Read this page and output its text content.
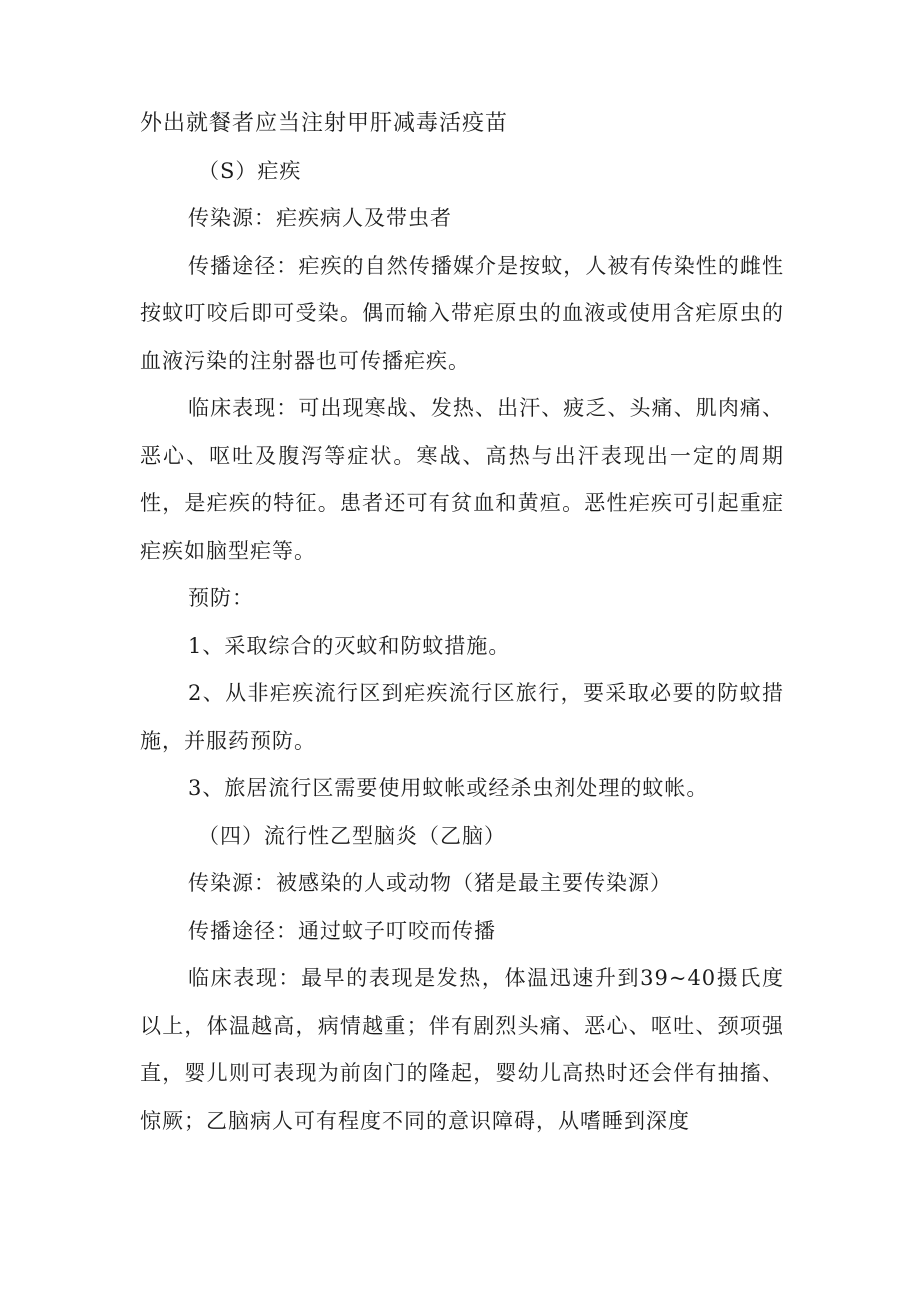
外出就餐者应当注射甲肝减毒活疫苗

（S）疟疾

传染源：疟疾病人及带虫者

传播途径：疟疾的自然传播媒介是按蚊，人被有传染性的雌性按蚊叮咬后即可受染。偶而输入带疟原虫的血液或使用含疟原虫的血液污染的注射器也可传播疟疾。

临床表现：可出现寒战、发热、出汗、疲乏、头痛、肌肉痛、恶心、呕吐及腹泻等症状。寒战、高热与出汗表现出一定的周期性，是疟疾的特征。患者还可有贫血和黄疸。恶性疟疾可引起重症疟疾如脑型疟等。

预防：

1、采取综合的灭蚊和防蚊措施。

2、从非疟疾流行区到疟疾流行区旅行，要采取必要的防蚊措施，并服药预防。

3、旅居流行区需要使用蚊帐或经杀虫剂处理的蚊帐。

（四）流行性乙型脑炎（乙脑）

传染源：被感染的人或动物（猪是最主要传染源）

传播途径：通过蚊子叮咬而传播

临床表现：最早的表现是发热，体温迅速升到39~40摄氏度以上，体温越高，病情越重；伴有剧烈头痛、恶心、呕吐、颈项强直，婴儿则可表现为前囱门的隆起，婴幼儿高热时还会伴有抽搐、惊厥；乙脑病人可有程度不同的意识障碍，从嗜睡到深度
